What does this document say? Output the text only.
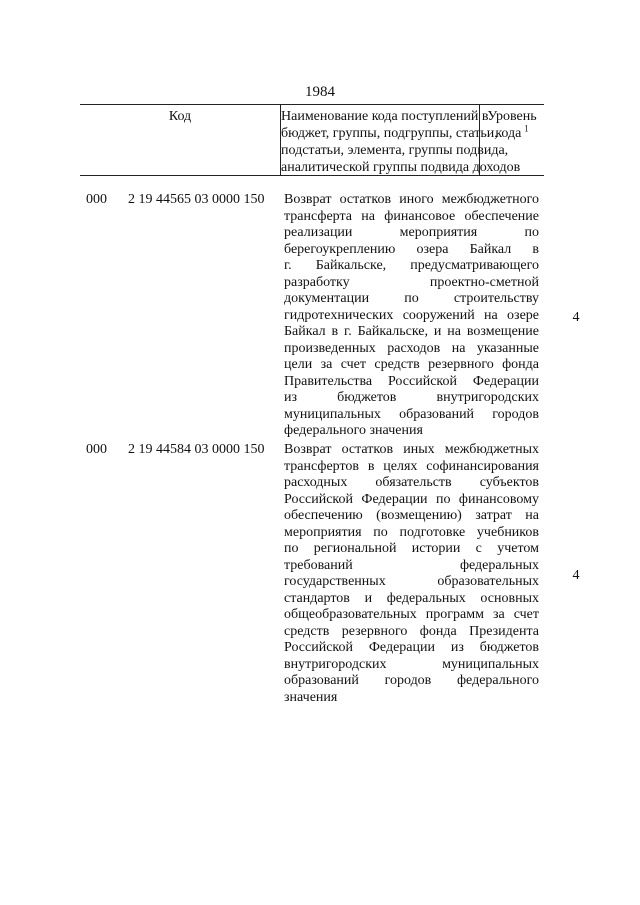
1984
Код	Наименование кода поступлений в
бюджет, группы, подгруппы, статьи,
подстатьи, элемента, группы подвида,
аналитической группы подвида доходов
Уровень
кода  $^1$
000 2 19 44565 03 0000 150 Возврат остатков иного межбюджетного
трансферта на финансовое обеспечение
реализации мероприятия по
берегоукреплению озера Байкал в
г. Байкальске, предусматривающего
разработку проектно-сметной
документации по строительству
гидротехнических сооружений на озере
Байкал в г. Байкальске, и на возмещение
произведенных расходов на указанные
цели за счет средств резервного фонда
Правительства Российской Федерации
из бюджетов внутригородских
муниципальных образований городов
федерального значения
4
000 2 19 44584 03 0000 150 Возврат остатков иных межбюджетных
трансфертов в целях софинансирования
расходных обязательств субъектов
Российской Федерации по финансовому
обеспечению (возмещению) затрат на
мероприятия по подготовке учебников
по региональной истории с учетом
требований федеральных
государственных образовательных
стандартов и федеральных основных
общеобразовательных программ за счет
средств резервного фонда Президента
Российской Федерации из бюджетов
внутригородских муниципальных
образований городов федерального
значения
4
